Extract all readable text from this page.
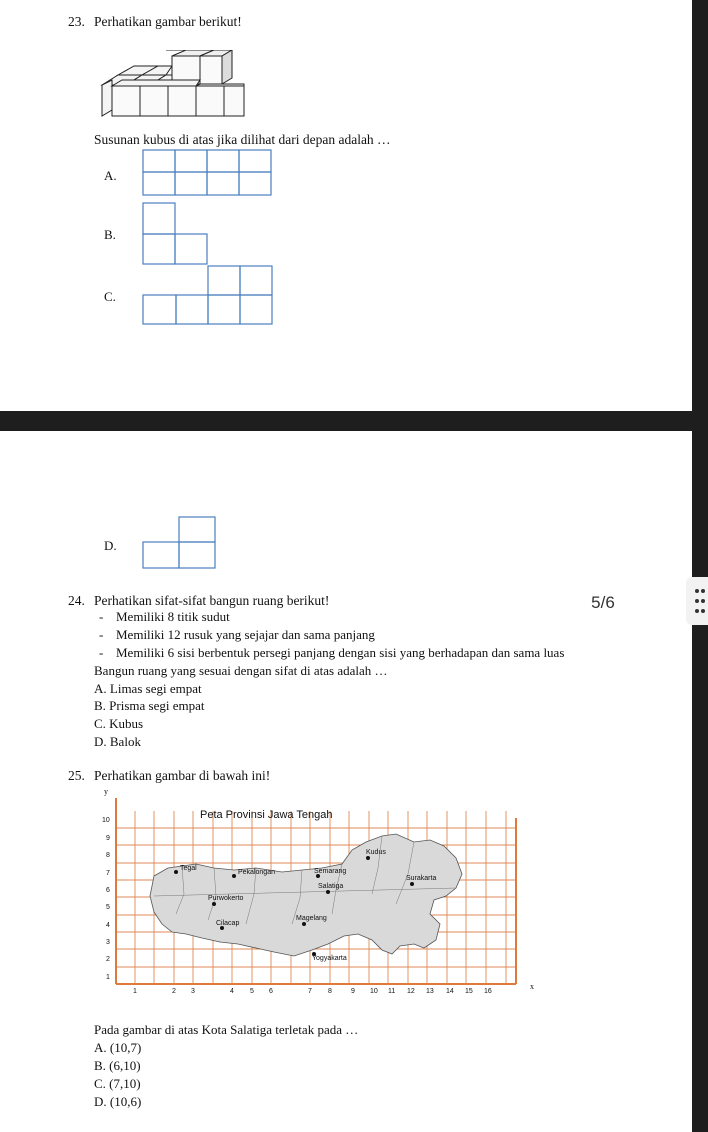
23. Perhatikan gambar berikut!
Susunan kubus di atas jika dilihat dari depan adalah …
A.
B.
C.
D.
5/6
24. Perhatikan sifat-sifat bangun ruang berikut!
- Memiliki 8 titik sudut
- Memiliki 12 rusuk yang sejajar dan sama panjang
- Memiliki 6 sisi berbentuk persegi panjang dengan sisi yang berhadapan dan sama luas
Bangun ruang yang sesuai dengan sifat di atas adalah …
A. Limas segi empat
B. Prisma segi empat
C. Kubus
D. Balok
25. Perhatikan gambar di bawah ini!
Peta Provinsi Jawa Tengah
y
x
10
9
8
7
6
5
4
3
2
1
1	2 3	4 5 6	7 8	9 10 11 12 13 14 15 16
Kudus
Tegal
Pekalongan	Semarang
Surakarta
Salatiga
Purwokerto
Magelang
Cilacap
Yogyakarta
Pada gambar di atas Kota Salatiga terletak pada …
A. (10,7)
B. (6,10)
C. (7,10)
D. (10,6)
